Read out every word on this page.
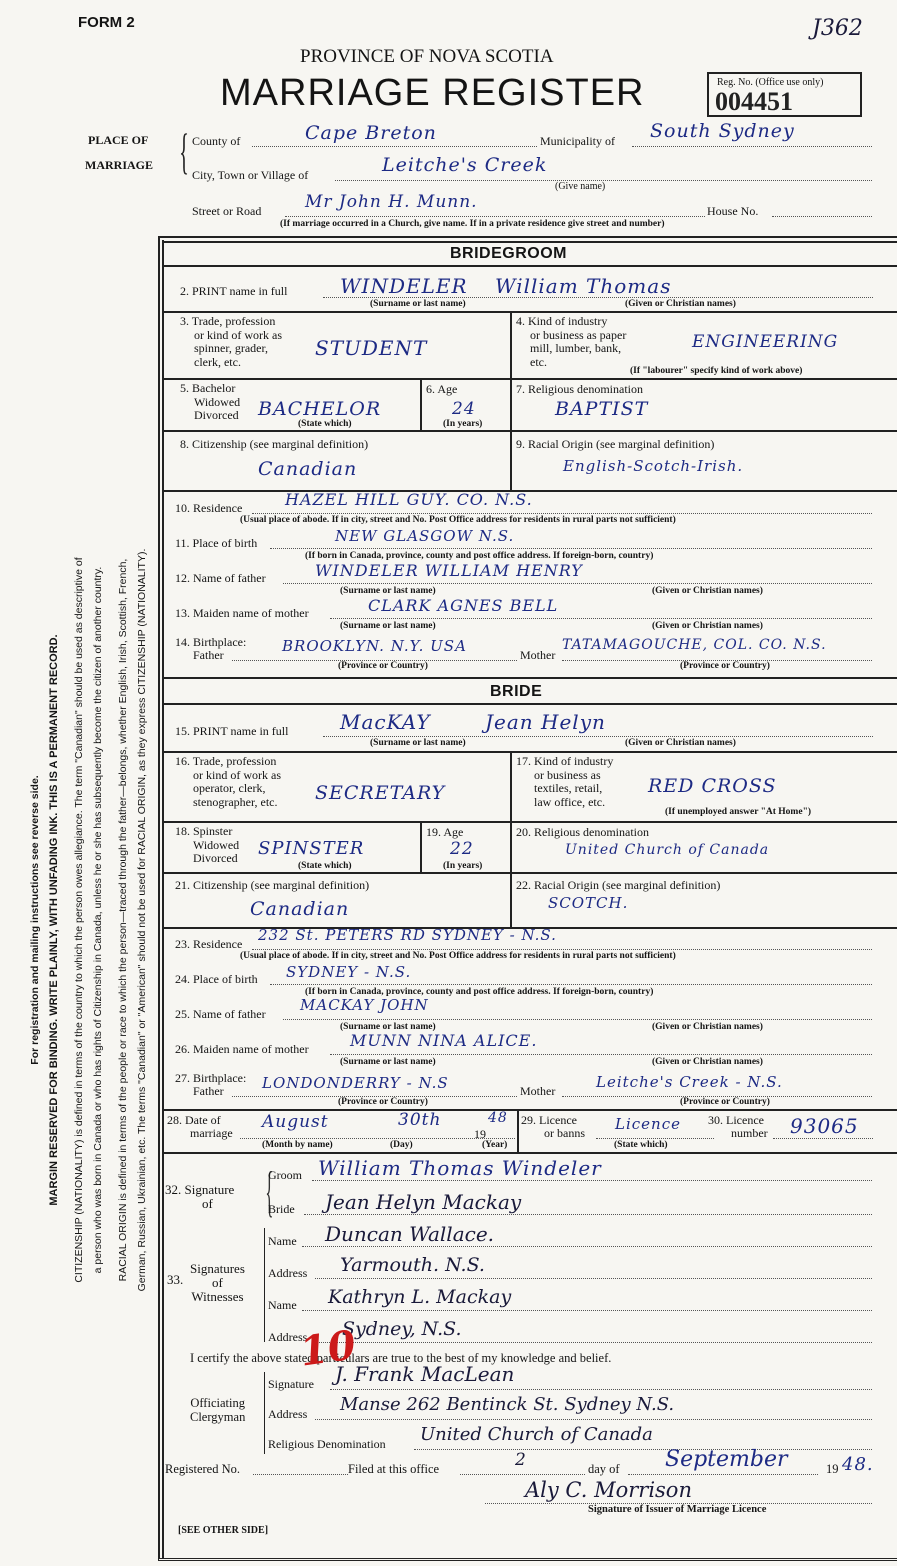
FORM 2	J362
PROVINCE OF NOVA SCOTIA
MARRIAGE REGISTER	Reg. No. (Office use only)
004451
PLACE OF
MARRIAGE { County of	Cape Breton	Municipality of South Sydney
City, Town or Village of	Leitche's Creek
(Give name)
Street or Road	Mr John H. Munn.	House No.
(If marriage occurred in a Church, give name. If in a private residence give street and number)
For registration and mailing instructions see reverse side. MARGIN RESERVED FOR BINDING. WRITE PLAINLY, WITH UNFADING INK. THIS IS A PERMANENT RECORD.	CITIZENSHIP (NATIONALITY) is defined in terms of the country to which the person owes allegiance. The term "Canadian" should be used as descriptive of a person who was born in Canada or who has rights of Citizenship in Canada, unless he or she has subsequently become the citizen of another country.	RACIAL ORIGIN is defined in terms of the people or race to which the person—traced through the father—belongs, whether English, Irish, Scottish, French, German, Russian, Ukrainian, etc. The terms "Canadian" or "American" should not be used for RACIAL ORIGIN, as they express CITIZENSHIP (NATIONALITY).
BRIDEGROOM
2. PRINT name in full	WINDELER William Thomas
(Surname or last name)	(Given or Christian names)
3. Trade, profession
or kind of work as
spinner, grader,
clerk, etc.
STUDENT
4. Kind of industry
or business as paper
mill, lumber, bank,
etc.
ENGINEERING
(If "labourer" specify kind of work above)
5. Bachelor
Widowed
Divorced BACHELOR
(State which)
6. Age
24
(In years)
7. Religious denomination
BAPTIST
8. Citizenship (see marginal definition)
Canadian
9. Racial Origin (see marginal definition)
English-Scotch-Irish.
10. Residence	HAZEL HILL GUY. CO. N.S.
(Usual place of abode. If in city, street and No. Post Office address for residents in rural parts not sufficient)
11. Place of birth	NEW GLASGOW N.S.
(If born in Canada, province, county and post office address. If foreign-born, country)
12. Name of father	WINDELER WILLIAM HENRY
(Surname or last name)	(Given or Christian names)
13. Maiden name of mother	CLARK AGNES BELL
(Surname or last name)	(Given or Christian names)
14. Birthplace:
Father	BROOKLYN. N.Y. USA	Mother
TATAMAGOUCHE, COL. CO. N.S.
(Province or Country)	(Province or Country)
BRIDE
15. PRINT name in full	MacKAY	Jean Helyn
(Surname or last name)	(Given or Christian names)
16. Trade, profession
or kind of work as
operator, clerk,
stenographer, etc. SECRETARY
17. Kind of industry
or business as
textiles, retail,
law office, etc.
RED CROSS
(If unemployed answer "At Home")
18. Spinster
Widowed
Divorced SPINSTER
(State which)
19. Age
22
(In years)
20. Religious denomination
United Church of Canada
21. Citizenship (see marginal definition)
Canadian
22. Racial Origin (see marginal definition)
SCOTCH.
23. Residence 232 St. PETERS RD SYDNEY - N.S.
(Usual place of abode. If in city, street and No. Post Office address for residents in rural parts not sufficient)
24. Place of birth SYDNEY - N.S.
(If born in Canada, province, county and post office address. If foreign-born, country)
25. Name of father MACKAY JOHN
(Surname or last name)	(Given or Christian names)
26. Maiden name of mother	MUNN NINA ALICE.
(Surname or last name)	(Given or Christian names)
27. Birthplace:
Father	LONDONDERRY - N.S	Mother	Leitche's Creek - N.S.
(Province or Country)	(Province or Country)
28. Date of
marriage
August	30th
19
48
(Month by name)	(Day)	(Year)
29. Licence
or banns Licence
(State which)
30. Licence
number 93065
32. Signature
of {
Groom William Thomas Windeler
Bride Jean Helyn Mackay
33.
Signatures
of
Witnesses
Name Duncan Wallace.
Address Yarmouth. N.S.
Name Kathryn L. Mackay
Address Sydney, N.S.
I certify the above stated particulars are true to the best of my knowledge and belief.
Officiating
Clergyman
Signature J. Frank MacLean
Address Manse 262 Bentinck St. Sydney N.S.
Religious Denomination United Church of Canada
10
Registered No.	Filed at this office	2	day of September	19 48.
Aly C. Morrison
Signature of Issuer of Marriage Licence
[SEE OTHER SIDE]
